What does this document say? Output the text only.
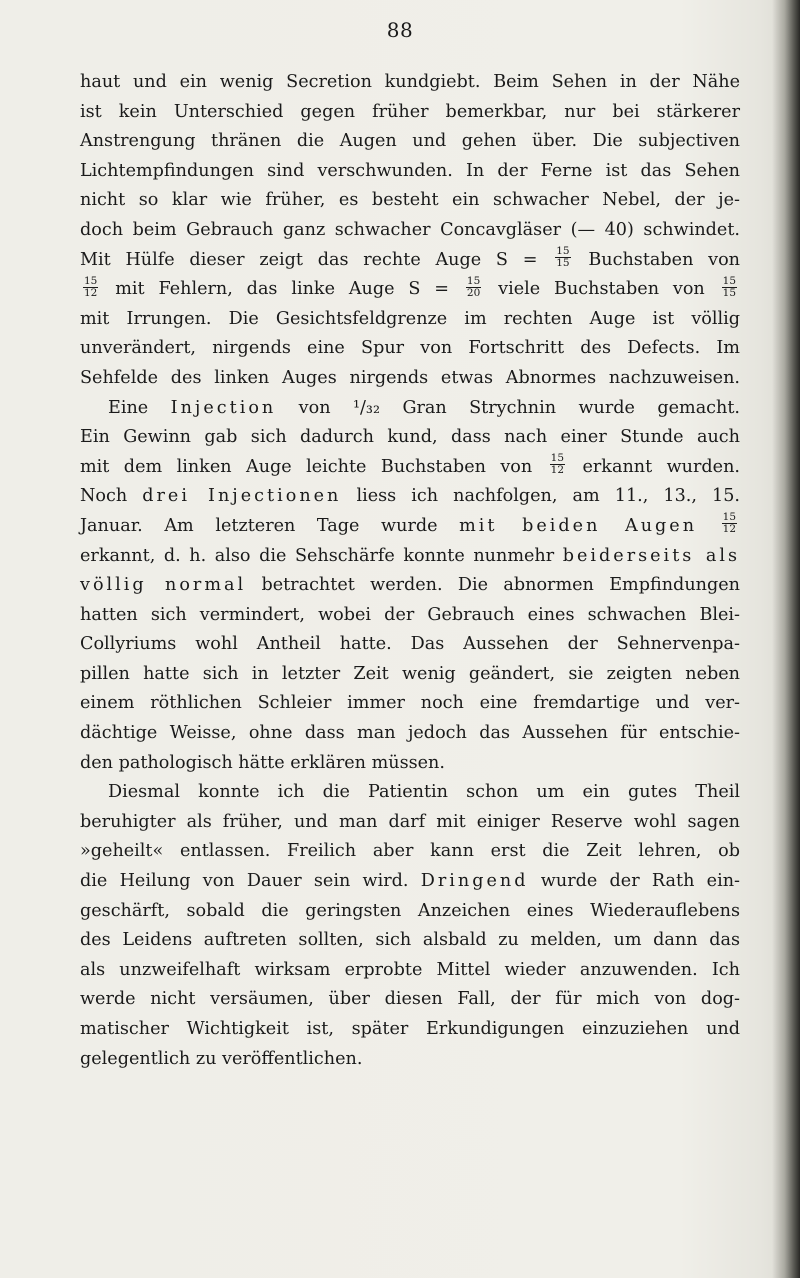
88
haut und ein wenig Secretion kundgiebt. Beim Sehen in der Nähe
ist kein Unterschied gegen früher bemerkbar, nur bei stärkerer
Anstrengung thränen die Augen und gehen über. Die subjectiven
Lichtempfindungen sind verschwunden. In der Ferne ist das Sehen
nicht so klar wie früher, es besteht ein schwacher Nebel, der je-
doch beim Gebrauch ganz schwacher Concavgläser (— 40) schwindet.
Mit Hülfe dieser zeigt das rechte Auge $S = \frac{15}{15}$ Buchstaben von
$\frac{15}{12}$ mit Fehlern, das linke Auge $S = \frac{15}{20}$ viele Buchstaben von $\frac{15}{15}$
mit Irrungen. Die Gesichtsfeldgrenze im rechten Auge ist völlig
unverändert, nirgends eine Spur von Fortschritt des Defects. Im
Sehfelde des linken Auges nirgends etwas Abnormes nachzuweisen.
Eine Injection von ¹/₃₂ Gran Strychnin wurde gemacht.
Ein Gewinn gab sich dadurch kund, dass nach einer Stunde auch
mit dem linken Auge leichte Buchstaben von $\frac{15}{12}$ erkannt wurden.
Noch drei Injectionen liess ich nachfolgen, am 11., 13., 15.
Januar. Am letzteren Tage wurde mit beiden Augen $\frac{15}{12}$
erkannt, d. h. also die Sehschärfe konnte nunmehr beiderseits als
völlig normal betrachtet werden. Die abnormen Empfindungen
hatten sich vermindert, wobei der Gebrauch eines schwachen Blei-
Collyriums wohl Antheil hatte. Das Aussehen der Sehnervenpa-
pillen hatte sich in letzter Zeit wenig geändert, sie zeigten neben
einem röthlichen Schleier immer noch eine fremdartige und ver-
dächtige Weisse, ohne dass man jedoch das Aussehen für entschie-
den pathologisch hätte erklären müssen.
Diesmal konnte ich die Patientin schon um ein gutes Theil
beruhigter als früher, und man darf mit einiger Reserve wohl sagen
»geheilt« entlassen. Freilich aber kann erst die Zeit lehren, ob
die Heilung von Dauer sein wird. Dringend wurde der Rath ein-
geschärft, sobald die geringsten Anzeichen eines Wiederauflebens
des Leidens auftreten sollten, sich alsbald zu melden, um dann das
als unzweifelhaft wirksam erprobte Mittel wieder anzuwenden. Ich
werde nicht versäumen, über diesen Fall, der für mich von dog-
matischer Wichtigkeit ist, später Erkundigungen einzuziehen und
gelegentlich zu veröffentlichen.
